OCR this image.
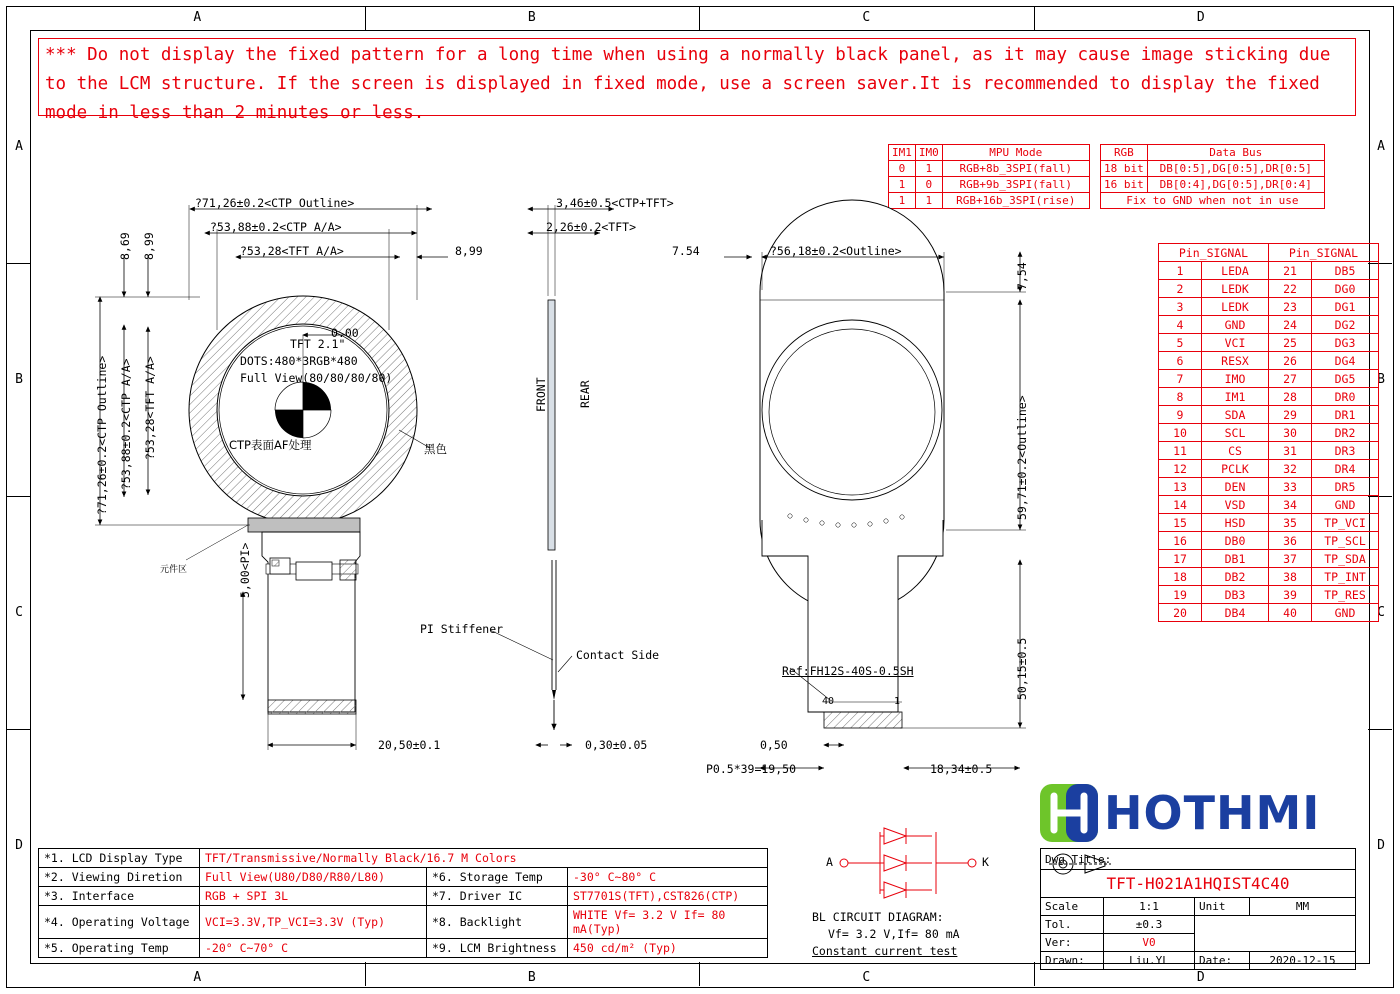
A
A
B
B
C
C
D
D
A	A
B	B
C	C
D	D

*** Do not display the fixed pattern for a long time when using a normally black panel, as it may cause image sticking due to the LCM structure. If the screen is displayed in fixed mode, use a screen saver.It is recommended to display the fixed mode in less than 2 minutes or less.

IM1	IM0	MPU Mode
0	1	RGB+8b_3SPI(fall)
1	0	RGB+9b_3SPI(fall)
1	1	RGB+16b_3SPI(rise)
RGB	Data Bus
18 bit	DB[0:5],DG[0:5],DR[0:5]
16 bit	DB[0:4],DG[0:5],DR[0:4]
Fix to GND when not in use	
Pin_SIGNAL		Pin_SIGNAL	
1	LEDA	21	DB5
2	LEDK	22	DG0
3	LEDK	23	DG1
4	GND	24	DG2
5	VCI	25	DG3
6	RESX	26	DG4
7	IMO	27	DG5
8	IM1	28	DR0
9	SDA	29	DR1
10	SCL	30	DR2
11	CS	31	DR3
12	PCLK	32	DR4
13	DEN	33	DR5
14	VSD	34	GND
15	HSD	35	TP_VCI
16	DB0	36	TP_SCL
17	DB1	37	TP_SDA
18	DB2	38	TP_INT
19	DB3	39	TP_RES
20	DB4	40	GND
?71,26±0.2<CTP Outline>
?53,88±0.2<CTP A/A>
?53,28<TFT A/A>	8,99
8,69 8,99
?71,26±0.2<CTP Outline> ?53,88±0.2<CTP A/A> ?53,28<TFT A/A>
0.00
TFT 2.1"
DOTS:480*3RGB*480
Full View(80/80/80/80)
CTP表面AF处理	黑色
元件区	5,00<PI>
20,50±0.1
3,46±0.5<CTP+TFT>
2,26±0.2<TFT>
FRONT	REAR
0,30±0.05
PI Stiffener
Contact Side
?56,18±0.2<Outline>
7.54
7,54
59,71±0.2<Outline>
50,15±0.5
Ref:FH12S-40S-0.5SH
40	1
P0.5*39=19,50
0,50
18,34±0.5
A	K
BL CIRCUIT DIAGRAM:
Vf= 3.2 V,If= 80 mA
Constant current test
*1. LCD Display Type	TFT/Transmissive/Normally Black/16.7 M Colors		
*2. Viewing Diretion	Full View(U80/D80/R80/L80)	*6. Storage Temp	-30° C~80° C
*3. Interface	RGB + SPI 3L	*7. Driver IC	ST7701S(TFT),CST826(CTP)
*4. Operating Voltage	VCI=3.3V,TP_VCI=3.3V (Typ)	*8. Backlight	WHITE Vf= 3.2 V If= 80 mA(Typ)
*5. Operating Temp	-20° C~70° C	*9. LCM Brightness	450 cd/m² (Typ)
HOTHMI
Dwg Title:			
TFT-H021A1HQIST4C40			
Scale	1:1	Unit	MM
Tol.	±0.3	

Ver:	V0		
Drawn:	Liu.YL	Date:	2020-12-15
